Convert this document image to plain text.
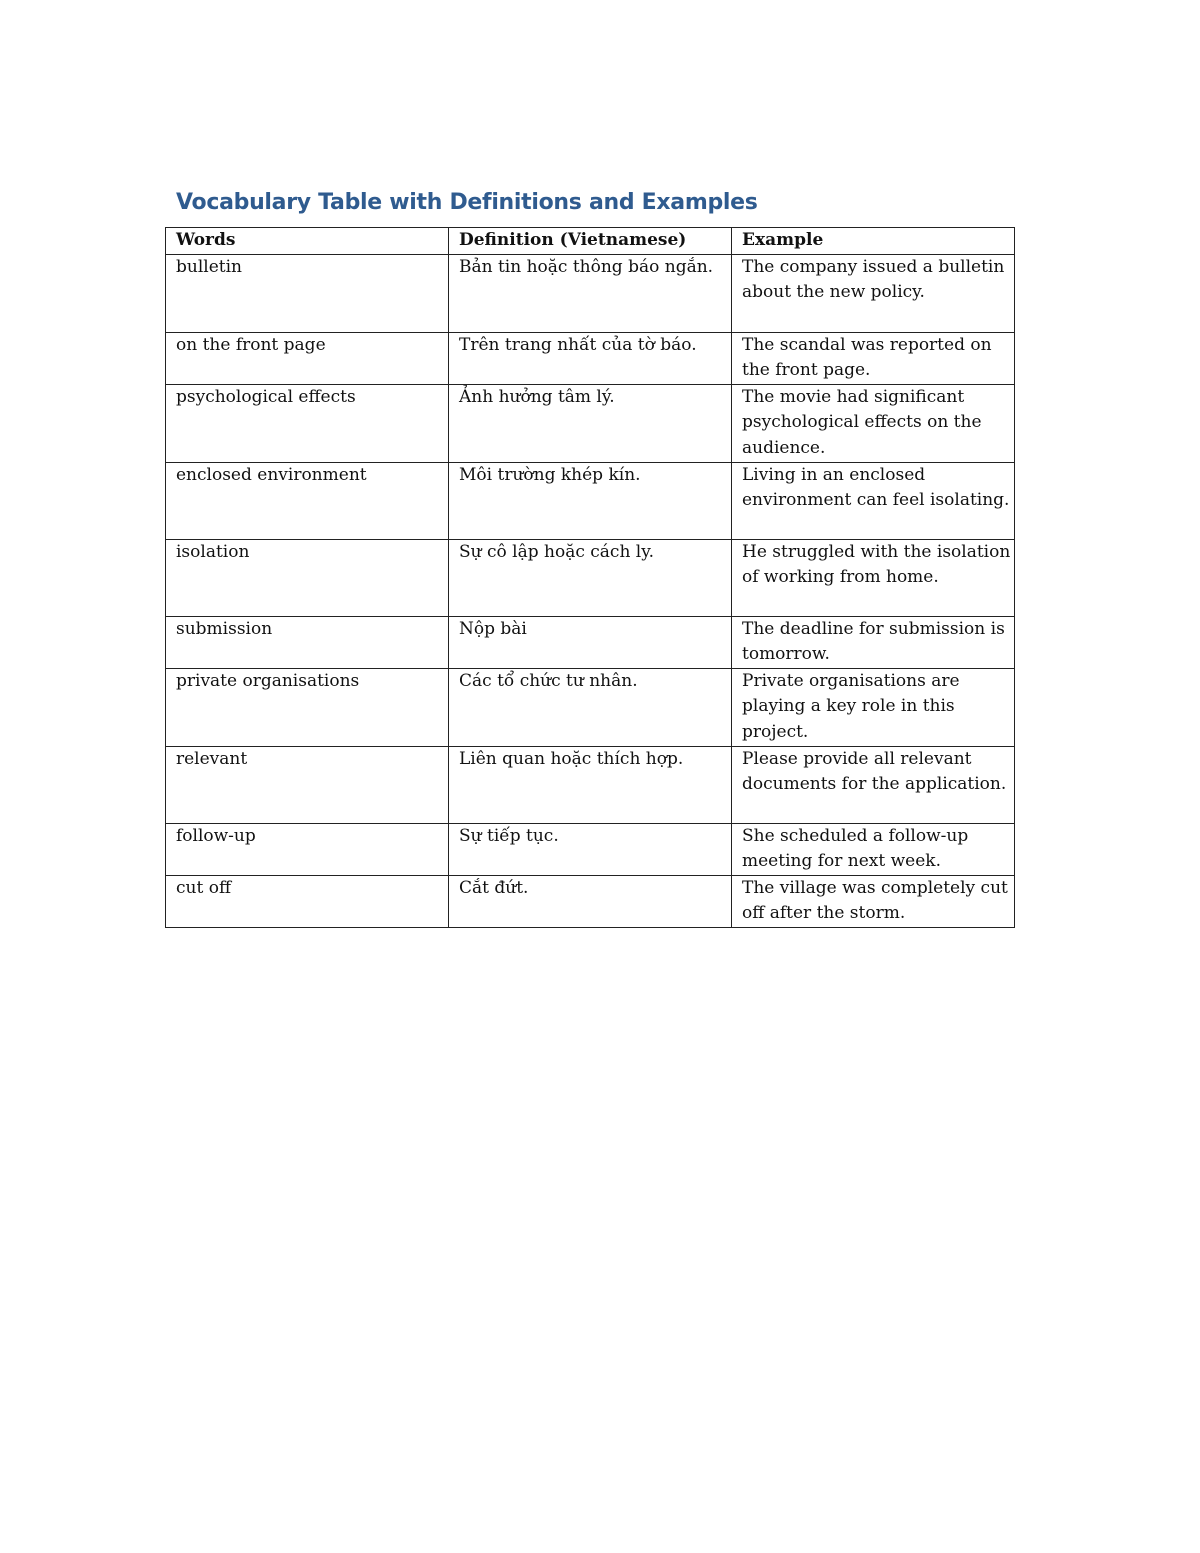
Vocabulary Table with Definitions and Examples
Words	Definition (Vietnamese)	Example
bulletin	Bản tin hoặc thông báo ngắn.	The company issued a bulletin about the new policy.
on the front page	Trên trang nhất của tờ báo.	The scandal was reported on the front page.
psychological effects	Ảnh hưởng tâm lý.	The movie had significant psychological effects on the audience.
enclosed environment	Môi trường khép kín.	Living in an enclosed environment can feel isolating.
isolation	Sự cô lập hoặc cách ly.	He struggled with the isolation of working from home.
submission	Nộp bài	The deadline for submission is tomorrow.
private organisations	Các tổ chức tư nhân.	Private organisations are playing a key role in this project.
relevant	Liên quan hoặc thích hợp.	Please provide all relevant documents for the application.
follow-up	Sự tiếp tục.	She scheduled a follow-up meeting for next week.
cut off	Cắt đứt.	The village was completely cut off after the storm.
